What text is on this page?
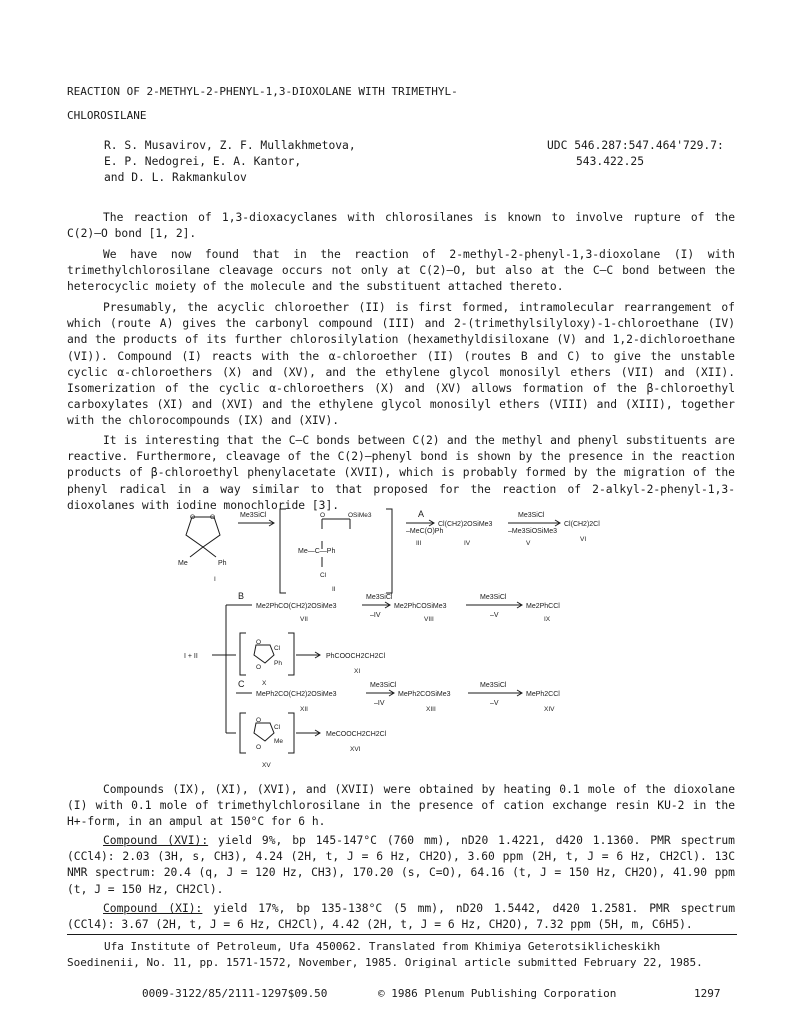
REACTION OF 2-METHYL-2-PHENYL-1,3-DIOXOLANE WITH TRIMETHYL-
CHLOROSILANE
R. S. Musavirov, Z. F. Mullakhmetova,
E. P. Nedogrei, E. A. Kantor,
and D. L. Rakmankulov
UDC 546.287:547.464'729.7:
543.422.25
The reaction of 1,3-dioxacyclanes with chlorosilanes is known to involve rupture of the C(2)–O bond [1, 2].
We have now found that in the reaction of 2-methyl-2-phenyl-1,3-dioxolane (I) with trimethylchlorosilane cleavage occurs not only at C(2)–O, but also at the C–C bond between the heterocyclic moiety of the molecule and the substituent attached thereto.
Presumably, the acyclic chloroether (II) is first formed, intramolecular rearrangement of which (route A) gives the carbonyl compound (III) and 2-(trimethylsilyloxy)-1-chloroethane (IV) and the products of its further chlorosilylation (hexamethyldisiloxane (V) and 1,2-dichloroethane (VI)). Compound (I) reacts with the α-chloroether (II) (routes B and C) to give the unstable cyclic α-chloroethers (X) and (XV), and the ethylene glycol monosilyl ethers (VII) and (XII). Isomerization of the cyclic α-chloroethers (X) and (XV) allows formation of the β-chloroethyl carboxylates (XI) and (XVI) and the ethylene glycol monosilyl ethers (VIII) and (XIII), together with the chlorocompounds (IX) and (XIV).
It is interesting that the C–C bonds between C(2) and the methyl and phenyl substituents are reactive. Furthermore, cleavage of the C(2)–phenyl bond is shown by the presence in the reaction products of β-chloroethyl phenylacetate (XVII), which is probably formed by the migration of the phenyl radical in a way similar to that proposed for the reaction of 2-alkyl-2-phenyl-1,3-dioxolanes with iodine monochloride [3].
O O
Me	Ph
I
Me3SiCl	O	OSiMe3
Me—C—Ph
Cl
II
A
–MeC(O)Ph
III
Cl(CH2)2OSiMe3
IV
Me3SiCl
–Me3SiOSiMe3
V
Cl(CH2)2Cl
VI
I + II
B
Me2PhCO(CH2)2OSiMe3
VII
Me3SiCl
–IV
Me2PhCOSiMe3
VIII
Me3SiCl
–V
Me2PhCCl
IX
O
O
Cl
Ph
X
PhCOOCH2CH2Cl
XI
C
MePh2CO(CH2)2OSiMe3
XII
Me3SiCl
–IV
MePh2COSiMe3
XIII
Me3SiCl
–V
MePh2CCl
XIV
O
O
Cl
Me
XV
MeCOOCH2CH2Cl
XVI
Compounds (IX), (XI), (XVI), and (XVII) were obtained by heating 0.1 mole of the dioxolane (I) with 0.1 mole of trimethylchlorosilane in the presence of cation exchange resin KU-2 in the H+-form, in an ampul at 150°C for 6 h.
Compound (XVI): yield 9%, bp 145-147°C (760 mm), nD20 1.4221, d420 1.1360. PMR spectrum (CCl4): 2.03 (3H, s, CH3), 4.24 (2H, t, J = 6 Hz, CH2O), 3.60 ppm (2H, t, J = 6 Hz, CH2Cl). 13C NMR spectrum: 20.4 (q, J = 120 Hz, CH3), 170.20 (s, C=O), 64.16 (t, J = 150 Hz, CH2O), 41.90 ppm (t, J = 150 Hz, CH2Cl).
Compound (XI): yield 17%, bp 135-138°C (5 mm), nD20 1.5442, d420 1.2581. PMR spectrum (CCl4): 3.67 (2H, t, J = 6 Hz, CH2Cl), 4.42 (2H, t, J = 6 Hz, CH2O), 7.32 ppm (5H, m, C6H5).
Ufa Institute of Petroleum, Ufa 450062. Translated from Khimiya Geterotsiklicheskikh
Soedinenii, No. 11, pp. 1571-1572, November, 1985. Original article submitted February 22, 1985.
0009-3122/85/2111-1297$09.50	© 1986 Plenum Publishing Corporation	1297
